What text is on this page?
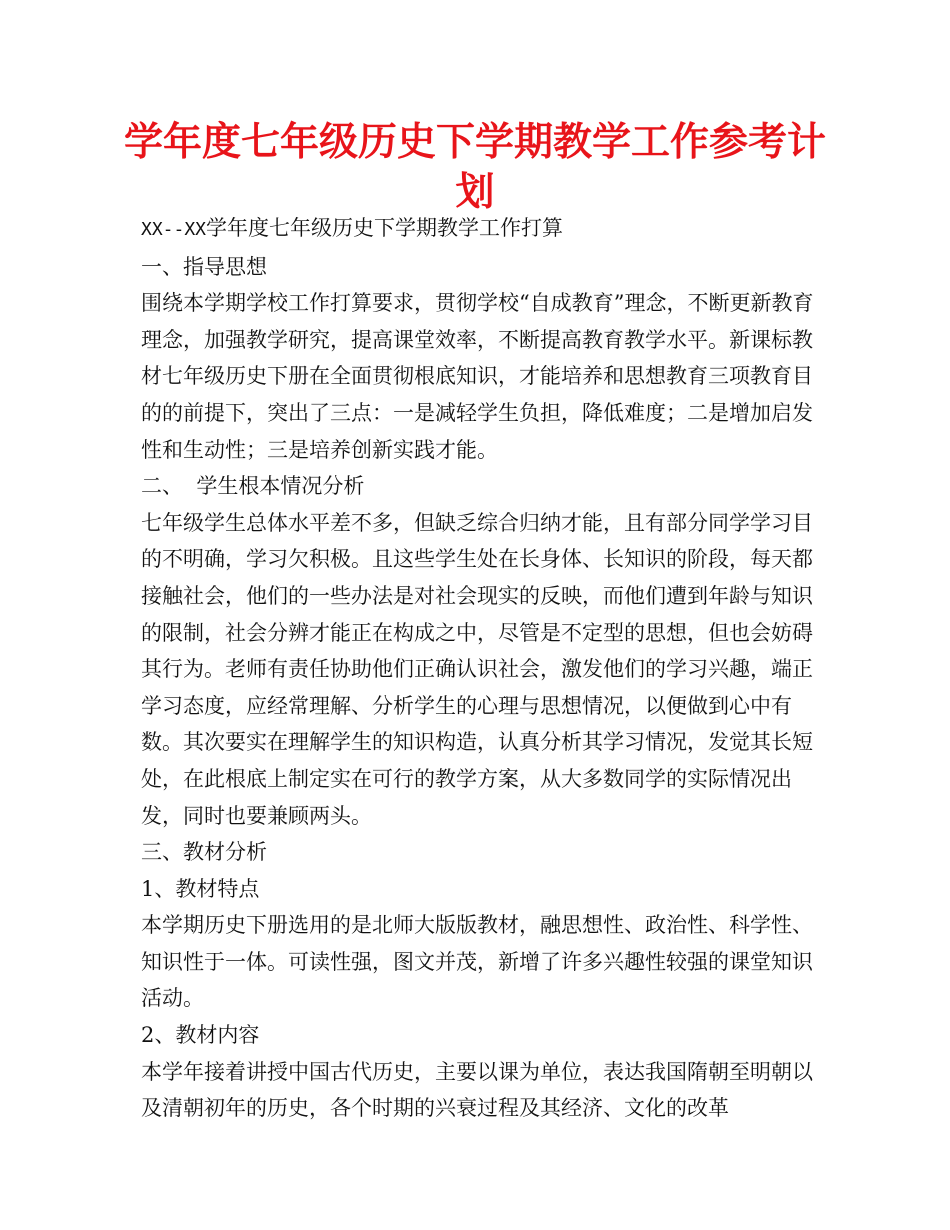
学年度七年级历史下学期教学工作参考计划

XX--XX学年度七年级历史下学期教学工作打算

一、指导思想

围绕本学期学校工作打算要求，贯彻学校“自成教育”理念，不断更新教育理念，加强教学研究，提高课堂效率，不断提高教育教学水平。新课标教材七年级历史下册在全面贯彻根底知识，才能培养和思想教育三项教育目的的前提下，突出了三点：一是减轻学生负担，降低难度；二是增加启发性和生动性；三是培养创新实践才能。

二、  学生根本情况分析

七年级学生总体水平差不多，但缺乏综合归纳才能，且有部分同学学习目的不明确，学习欠积极。且这些学生处在长身体、长知识的阶段，每天都接触社会，他们的一些办法是对社会现实的反映，而他们遭到年龄与知识的限制，社会分辨才能正在构成之中，尽管是不定型的思想，但也会妨碍其行为。老师有责任协助他们正确认识社会，激发他们的学习兴趣，端正学习态度，应经常理解、分析学生的心理与思想情况，以便做到心中有数。其次要实在理解学生的知识构造，认真分析其学习情况，发觉其长短处，在此根底上制定实在可行的教学方案，从大多数同学的实际情况出发，同时也要兼顾两头。

三、教材分析

1、教材特点

本学期历史下册选用的是北师大版版教材，融思想性、政治性、科学性、知识性于一体。可读性强，图文并茂，新增了许多兴趣性较强的课堂知识活动。

2、教材内容

本学年接着讲授中国古代历史，主要以课为单位，表达我国隋朝至明朝以及清朝初年的历史，各个时期的兴衰过程及其经济、文化的改革
